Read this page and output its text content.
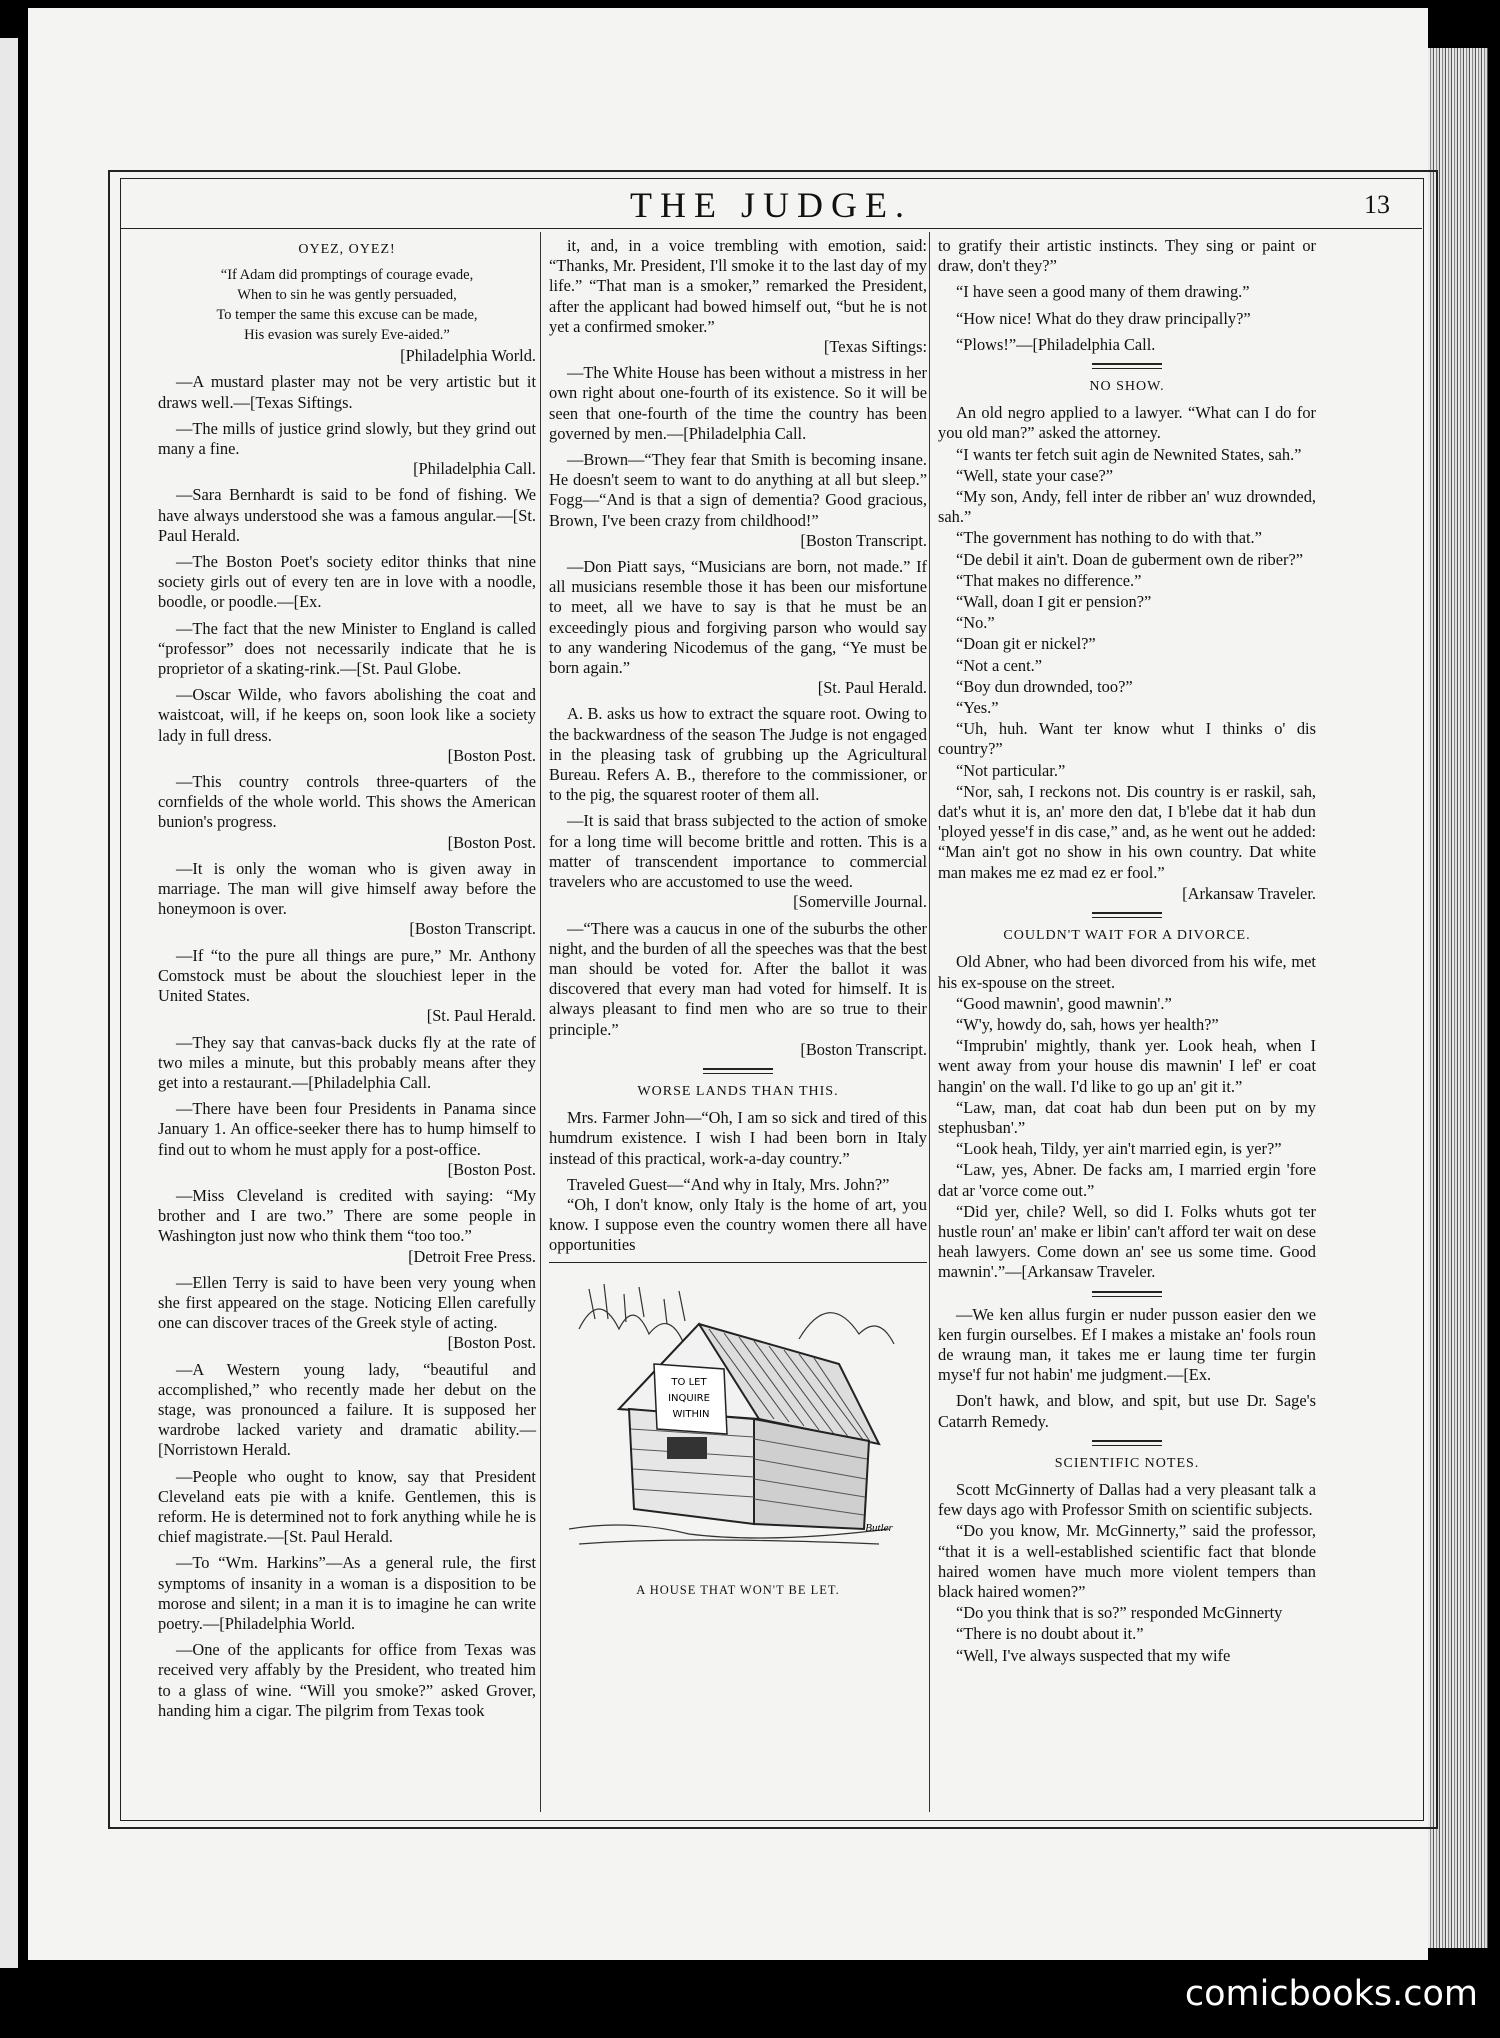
THE JUDGE.	13
OYEZ, OYEZ!
“If Adam did promptings of courage evade,
When to sin he was gently persuaded,
To temper the same this excuse can be made,
His evasion was surely Eve-aided.”

[Philadelphia World.

—A mustard plaster may not be very artistic but it draws well.—[Texas Siftings.

—The mills of justice grind slowly, but they grind out many a fine.
[Philadelphia Call.

—Sara Bernhardt is said to be fond of fishing. We have always understood she was a famous angular.—[St. Paul Herald.

—The Boston Poet's society editor thinks that nine society girls out of every ten are in love with a noodle, boodle, or poodle.—[Ex.

—The fact that the new Minister to England is called “professor” does not necessarily indicate that he is proprietor of a skating-rink.—[St. Paul Globe.

—Oscar Wilde, who favors abolishing the coat and waistcoat, will, if he keeps on, soon look like a society lady in full dress.
[Boston Post.

—This country controls three-quarters of the cornfields of the whole world. This shows the American bunion's progress.
[Boston Post.

—It is only the woman who is given away in marriage. The man will give himself away before the honeymoon is over.
[Boston Transcript.

—If “to the pure all things are pure,” Mr. Anthony Comstock must be about the slouchiest leper in the United States.
[St. Paul Herald.

—They say that canvas-back ducks fly at the rate of two miles a minute, but this probably means after they get into a restaurant.—[Philadelphia Call.

—There have been four Presidents in Panama since January 1. An office-seeker there has to hump himself to find out to whom he must apply for a post-office.
[Boston Post.

—Miss Cleveland is credited with saying: “My brother and I are two.” There are some people in Washington just now who think them “too too.”
[Detroit Free Press.

—Ellen Terry is said to have been very young when she first appeared on the stage. Noticing Ellen carefully one can discover traces of the Greek style of acting.
[Boston Post.

—A Western young lady, “beautiful and accomplished,” who recently made her debut on the stage, was pronounced a failure. It is supposed her wardrobe lacked variety and dramatic ability.—[Norristown Herald.

—People who ought to know, say that President Cleveland eats pie with a knife. Gentlemen, this is reform. He is determined not to fork anything while he is chief magistrate.—[St. Paul Herald.

—To “Wm. Harkins”—As a general rule, the first symptoms of insanity in a woman is a disposition to be morose and silent; in a man it is to imagine he can write poetry.—[Philadelphia World.

—One of the applicants for office from Texas was received very affably by the President, who treated him to a glass of wine. “Will you smoke?” asked Grover, handing him a cigar. The pilgrim from Texas took

it, and, in a voice trembling with emotion, said: “Thanks, Mr. President, I'll smoke it to the last day of my life.” “That man is a smoker,” remarked the President, after the applicant had bowed himself out, “but he is not yet a confirmed smoker.”
[Texas Siftings:

—The White House has been without a mistress in her own right about one-fourth of its existence. So it will be seen that one-fourth of the time the country has been governed by men.—[Philadelphia Call.

—Brown—“They fear that Smith is becoming insane. He doesn't seem to want to do anything at all but sleep.” Fogg—“And is that a sign of dementia? Good gracious, Brown, I've been crazy from childhood!”
[Boston Transcript.

—Don Piatt says, “Musicians are born, not made.” If all musicians resemble those it has been our misfortune to meet, all we have to say is that he must be an exceedingly pious and forgiving parson who would say to any wandering Nicodemus of the gang, “Ye must be born again.”
[St. Paul Herald.

A. B. asks us how to extract the square root. Owing to the backwardness of the season The Judge is not engaged in the pleasing task of grubbing up the Agricultural Bureau. Refers A. B., therefore to the commissioner, or to the pig, the squarest rooter of them all.

—It is said that brass subjected to the action of smoke for a long time will become brittle and rotten. This is a matter of transcendent importance to commercial travelers who are accustomed to use the weed.
[Somerville Journal.

—“There was a caucus in one of the suburbs the other night, and the burden of all the speeches was that the best man should be voted for. After the ballot it was discovered that every man had voted for himself. It is always pleasant to find men who are so true to their principle.”
[Boston Transcript.

WORSE LANDS THAN THIS.

Mrs. Farmer John—“Oh, I am so sick and tired of this humdrum existence. I wish I had been born in Italy instead of this practical, work-a-day country.”

Traveled Guest—“And why in Italy, Mrs. John?”

“Oh, I don't know, only Italy is the home of art, you know. I suppose even the country women there all have opportunities

TO LET
INQUIRE
WITHIN
Butler
A HOUSE THAT WON'T BE LET.

to gratify their artistic instincts. They sing or paint or draw, don't they?”

“I have seen a good many of them drawing.”

“How nice! What do they draw principally?”

“Plows!”—[Philadelphia Call.

NO SHOW.

An old negro applied to a lawyer. “What can I do for you old man?” asked the attorney.

“I wants ter fetch suit agin de Newnited States, sah.”

“Well, state your case?”

“My son, Andy, fell inter de ribber an' wuz drownded, sah.”

“The government has nothing to do with that.”

“De debil it ain't. Doan de guberment own de riber?”

“That makes no difference.”

“Wall, doan I git er pension?”

“No.”

“Doan git er nickel?”

“Not a cent.”

“Boy dun drownded, too?”

“Yes.”

“Uh, huh. Want ter know whut I thinks o' dis country?”

“Not particular.”

“Nor, sah, I reckons not. Dis country is er raskil, sah, dat's whut it is, an' more den dat, I b'lebe dat it hab dun 'ployed yesse'f in dis case,” and, as he went out he added: “Man ain't got no show in his own country. Dat white man makes me ez mad ez er fool.”

[Arkansaw Traveler.

COULDN'T WAIT FOR A DIVORCE.

Old Abner, who had been divorced from his wife, met his ex-spouse on the street.

“Good mawnin', good mawnin'.”

“W'y, howdy do, sah, hows yer health?”

“Imprubin' mightly, thank yer. Look heah, when I went away from your house dis mawnin' I lef' er coat hangin' on the wall. I'd like to go up an' git it.”

“Law, man, dat coat hab dun been put on by my stephusban'.”

“Look heah, Tildy, yer ain't married egin, is yer?”

“Law, yes, Abner. De facks am, I married ergin 'fore dat ar 'vorce come out.”

“Did yer, chile? Well, so did I. Folks whuts got ter hustle roun' an' make er libin' can't afford ter wait on dese heah lawyers. Come down an' see us some time. Good mawnin'.”—[Arkansaw Traveler.

—We ken allus furgin er nuder pusson easier den we ken furgin ourselbes. Ef I makes a mistake an' fools roun de wraung man, it takes me er laung time ter furgin myse'f fur not habin' me judgment.—[Ex.

Don't hawk, and blow, and spit, but use Dr. Sage's Catarrh Remedy.

SCIENTIFIC NOTES.

Scott McGinnerty of Dallas had a very pleasant talk a few days ago with Professor Smith on scientific subjects.

“Do you know, Mr. McGinnerty,” said the professor, “that it is a well-established scientific fact that blonde haired women have much more violent tempers than black haired women?”

“Do you think that is so?” responded McGinnerty

“There is no doubt about it.”

“Well, I've always suspected that my wife

comicbooks.com
